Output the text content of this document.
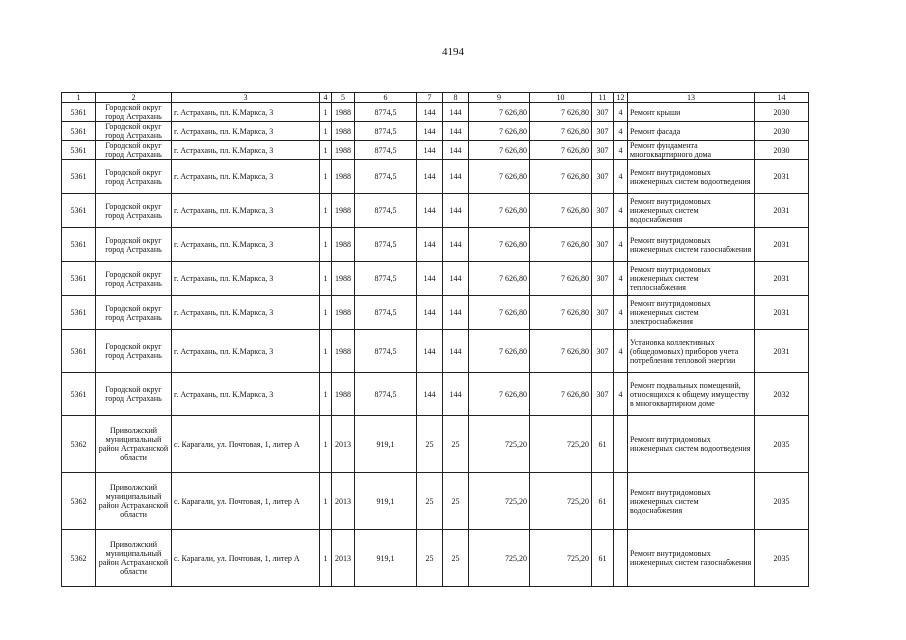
4194
1	2	3	4	5	6	7	8	9	10	11	12	13	14
5361	Городской округ город Астрахань	г. Астрахань, пл. К.Маркса, 3	1	1988	8774,5	144	144	7 626,80	7 626,80	307	4	Ремонт крыши	2030
5361	Городской округ город Астрахань	г. Астрахань, пл. К.Маркса, 3	1	1988	8774,5	144	144	7 626,80	7 626,80	307	4	Ремонт фасада	2030
5361	Городской округ город Астрахань	г. Астрахань, пл. К.Маркса, 3	1	1988	8774,5	144	144	7 626,80	7 626,80	307	4	Ремонт фундамента многоквартирного дома	2030
5361	Городской округ город Астрахань	г. Астрахань, пл. К.Маркса, 3	1	1988	8774,5	144	144	7 626,80	7 626,80	307	4	Ремонт внутридомовых инженерных систем водоотведения	2031
5361	Городской округ город Астрахань	г. Астрахань, пл. К.Маркса, 3	1	1988	8774,5	144	144	7 626,80	7 626,80	307	4	Ремонт внутридомовых инженерных систем водоснабжения	2031
5361	Городской округ город Астрахань	г. Астрахань, пл. К.Маркса, 3	1	1988	8774,5	144	144	7 626,80	7 626,80	307	4	Ремонт внутридомовых инженерных систем газоснабжения	2031
5361	Городской округ город Астрахань	г. Астрахань, пл. К.Маркса, 3	1	1988	8774,5	144	144	7 626,80	7 626,80	307	4	Ремонт внутридомовых инженерных систем теплоснабжения	2031
5361	Городской округ город Астрахань	г. Астрахань, пл. К.Маркса, 3	1	1988	8774,5	144	144	7 626,80	7 626,80	307	4	Ремонт внутридомовых инженерных систем электроснабжения	2031
5361	Городской округ город Астрахань	г. Астрахань, пл. К.Маркса, 3	1	1988	8774,5	144	144	7 626,80	7 626,80	307	4	Установка коллективных (общедомовых) приборов учета потребления тепловой энергии	2031
5361	Городской округ город Астрахань	г. Астрахань, пл. К.Маркса, 3	1	1988	8774,5	144	144	7 626,80	7 626,80	307	4	Ремонт подвальных помещений, относящихся к общему имуществу в многоквартирном доме	2032
5362	Приволжский муниципальный район Астраханской области	с. Карагали, ул. Почтовая, 1, литер А	1	2013	919,1	25	25	725,20	725,20	61		Ремонт внутридомовых инженерных систем водоотведения	2035
5362	Приволжский муниципальный район Астраханской области	с. Карагали, ул. Почтовая, 1, литер А	1	2013	919,1	25	25	725,20	725,20	61		Ремонт внутридомовых инженерных систем водоснабжения	2035
5362	Приволжский муниципальный район Астраханской области	с. Карагали, ул. Почтовая, 1, литер А	1	2013	919,1	25	25	725,20	725,20	61		Ремонт внутридомовых инженерных систем газоснабжения	2035
